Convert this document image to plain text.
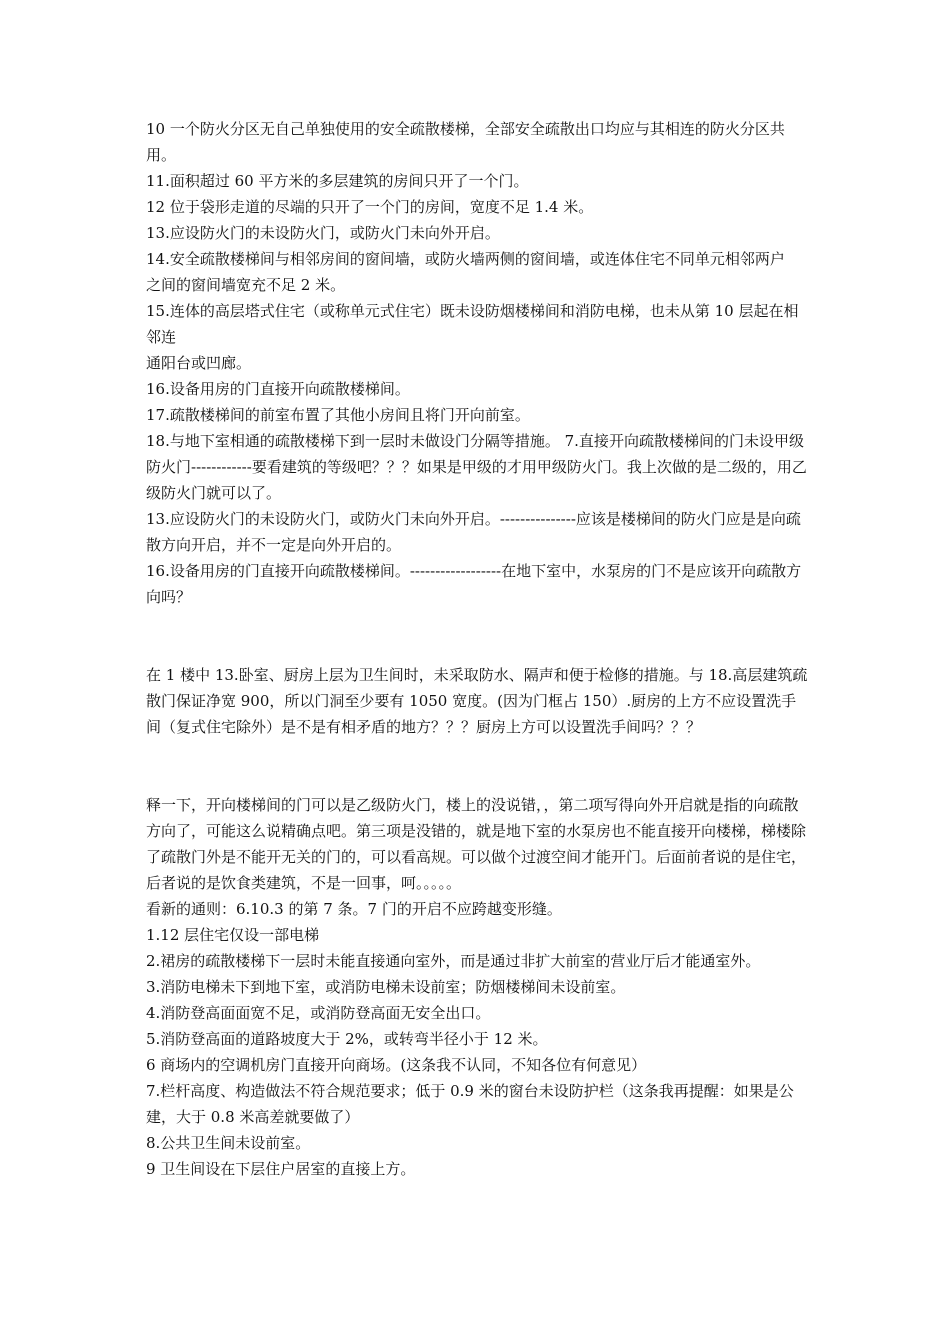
10 一个防火分区无自己单独使用的安全疏散楼梯，全部安全疏散出口均应与其相连的防火分区共用。

11.面积超过 60 平方米的多层建筑的房间只开了一个门。

12 位于袋形走道的尽端的只开了一个门的房间，宽度不足 1.4 米。

13.应设防火门的未设防火门，或防火门未向外开启。

14.安全疏散楼梯间与相邻房间的窗间墙，或防火墙两侧的窗间墙，或连体住宅不同单元相邻两户

之间的窗间墙宽充不足 2 米。

15.连体的高层塔式住宅（或称单元式住宅）既未设防烟楼梯间和消防电梯，也未从第 10 层起在相邻连

通阳台或凹廊。

16.设备用房的门直接开向疏散楼梯间。

17.疏散楼梯间的前室布置了其他小房间且将门开向前室。

18.与地下室相通的疏散楼梯下到一层时未做设门分隔等措施。 7.直接开向疏散楼梯间的门未设甲级防火门------------要看建筑的等级吧？？？如果是甲级的才用甲级防火门。我上次做的是二级的，用乙级防火门就可以了。

13.应设防火门的未设防火门，或防火门未向外开启。---------------应该是楼梯间的防火门应是是向疏散方向开启，并不一定是向外开启的。

16.设备用房的门直接开向疏散楼梯间。------------------在地下室中，水泵房的门不是应该开向疏散方向吗？

在 1 楼中 13.卧室、厨房上层为卫生间时，未采取防水、隔声和便于检修的措施。与 18.高层建筑疏散门保证净宽 900，所以门洞至少要有 1050 宽度。(因为门框占 150）.厨房的上方不应设置洗手间（复式住宅除外）是不是有相矛盾的地方？？？厨房上方可以设置洗手间吗？？？

释一下，开向楼梯间的门可以是乙级防火门，楼上的没说错，，第二项写得向外开启就是指的向疏散方向了，可能这么说精确点吧。第三项是没错的，就是地下室的水泵房也不能直接开向楼梯，梯楼除了疏散门外是不能开无关的门的，可以看高规。可以做个过渡空间才能开门。后面前者说的是住宅，后者说的是饮食类建筑，不是一回事，呵。。。。。

看新的通则：6.10.3 的第 7 条。7 门的开启不应跨越变形缝。

1.12 层住宅仅设一部电梯

2.裙房的疏散楼梯下一层时未能直接通向室外，而是通过非扩大前室的营业厅后才能通室外。

3.消防电梯未下到地下室，或消防电梯未设前室；防烟楼梯间未设前室。

4.消防登高面面宽不足，或消防登高面无安全出口。

5.消防登高面的道路坡度大于 2%，或转弯半径小于 12 米。

6 商场内的空调机房门直接开向商场。(这条我不认同，不知各位有何意见）

7.栏杆高度、构造做法不符合规范要求；低于 0.9 米的窗台未设防护栏（这条我再提醒：如果是公建，大于 0.8 米高差就要做了）

8.公共卫生间未设前室。

9 卫生间设在下层住户居室的直接上方。
